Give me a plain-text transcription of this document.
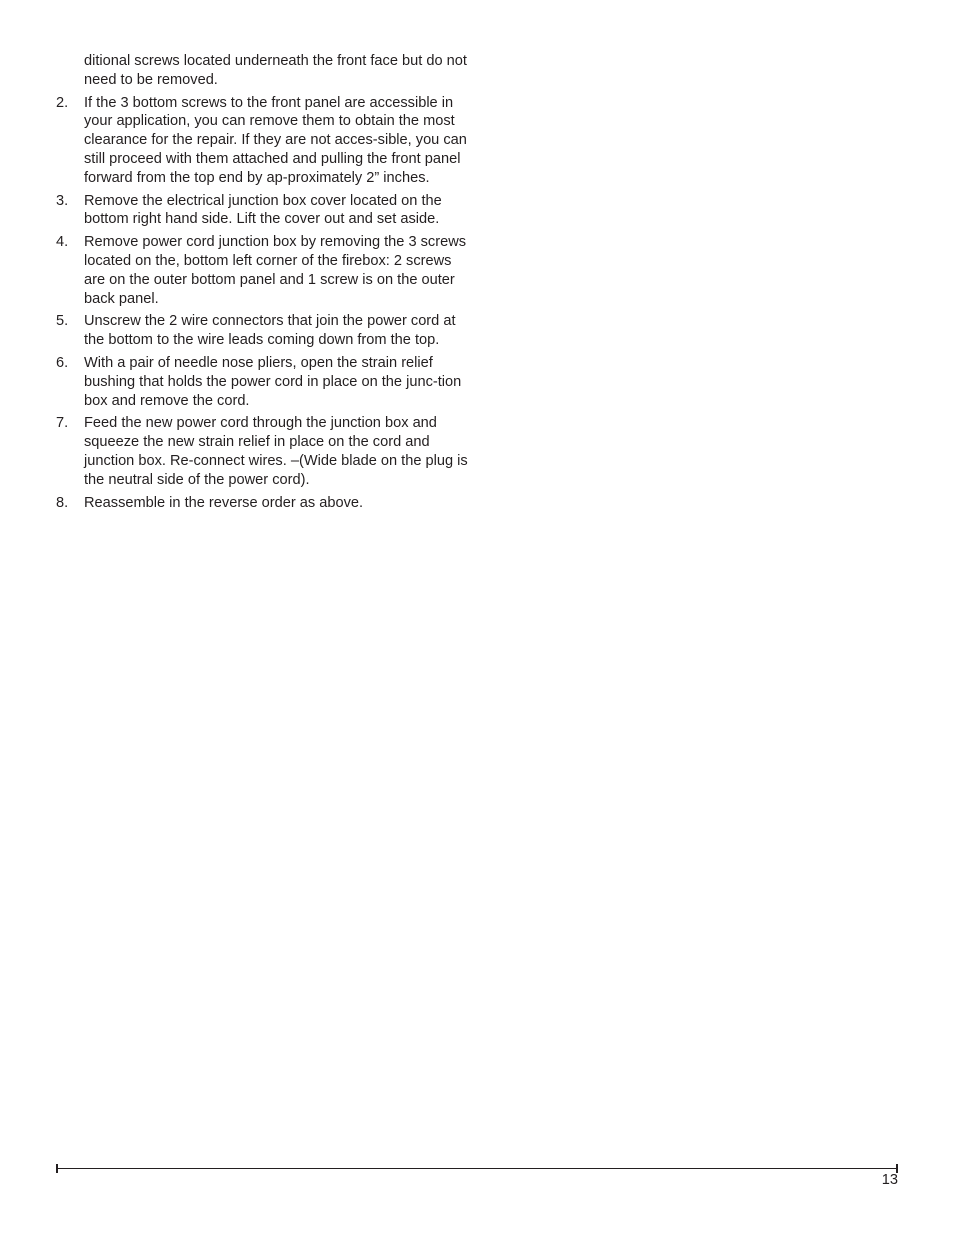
ditional screws located underneath the front face but do not need to be removed.

2.	If the 3 bottom screws to the front panel are accessible in your application, you can remove them to obtain the most clearance for the repair. If they are not acces-sible, you can still proceed with them attached and pulling the front panel forward from the top end by ap-proximately 2” inches.
3.	Remove the electrical junction box cover located on the bottom right hand side. Lift the cover out and set aside.
4.	Remove power cord junction box by removing the 3 screws located on the, bottom left corner of the firebox: 2 screws are on the outer bottom panel and 1 screw is on the outer back panel.
5.	Unscrew the 2 wire connectors that join the power cord at the bottom to the wire leads coming down from the top.
6.	With a pair of needle nose pliers, open the strain relief bushing that holds the power cord in place on the junc-tion box and remove the cord.
7.	Feed the new power cord through the junction box and squeeze the new strain relief in place on the cord and junction box. Re-connect wires. –(Wide blade on the plug is the neutral side of the power cord).
8.	Reassemble in the reverse order as above.
13
